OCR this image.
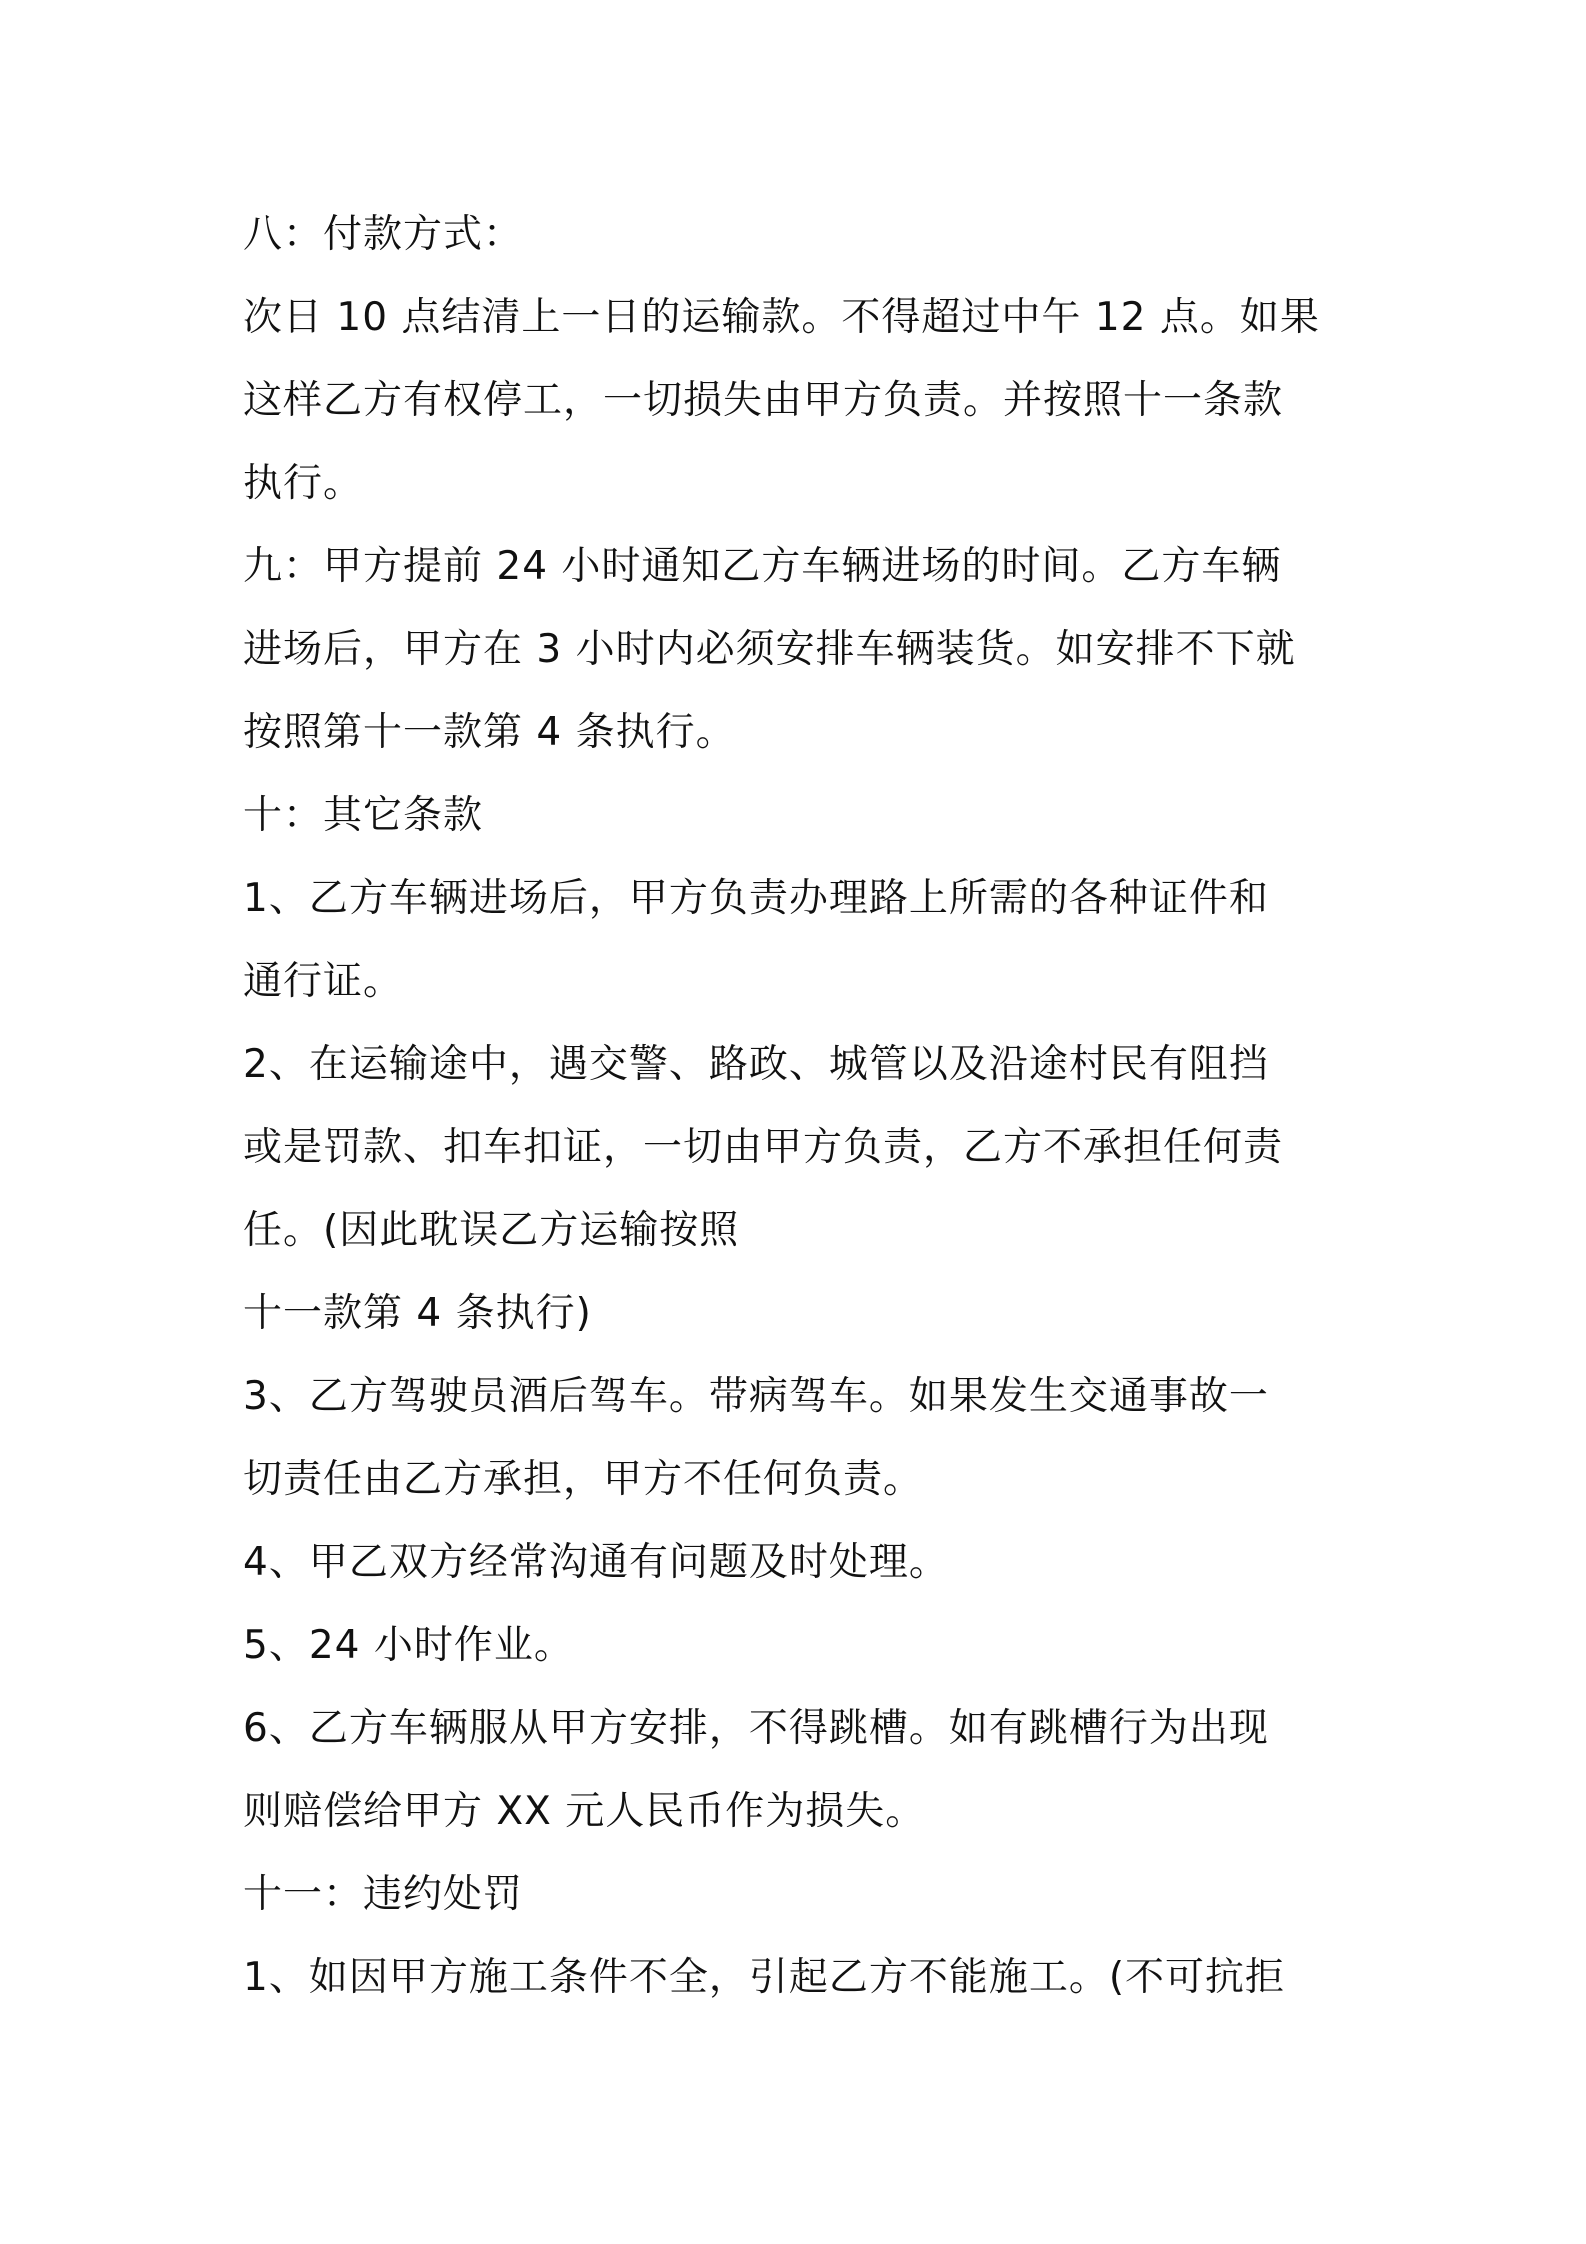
八：付款方式：

次日 10 点结清上一日的运输款。不得超过中午 12 点。如果

这样乙方有权停工，一切损失由甲方负责。并按照十一条款

执行。

九：甲方提前 24 小时通知乙方车辆进场的时间。乙方车辆

进场后，甲方在 3 小时内必须安排车辆装货。如安排不下就

按照第十一款第 4 条执行。

十：其它条款

1、乙方车辆进场后，甲方负责办理路上所需的各种证件和

通行证。

2、在运输途中，遇交警、路政、城管以及沿途村民有阻挡

或是罚款、扣车扣证，一切由甲方负责，乙方不承担任何责

任。(因此耽误乙方运输按照

十一款第 4 条执行)

3、乙方驾驶员酒后驾车。带病驾车。如果发生交通事故一

切责任由乙方承担，甲方不任何负责。

4、甲乙双方经常沟通有问题及时处理。

5、24 小时作业。

6、乙方车辆服从甲方安排，不得跳槽。如有跳槽行为出现

则赔偿给甲方 XX 元人民币作为损失。

十一：违约处罚

1、如因甲方施工条件不全，引起乙方不能施工。(不可抗拒
